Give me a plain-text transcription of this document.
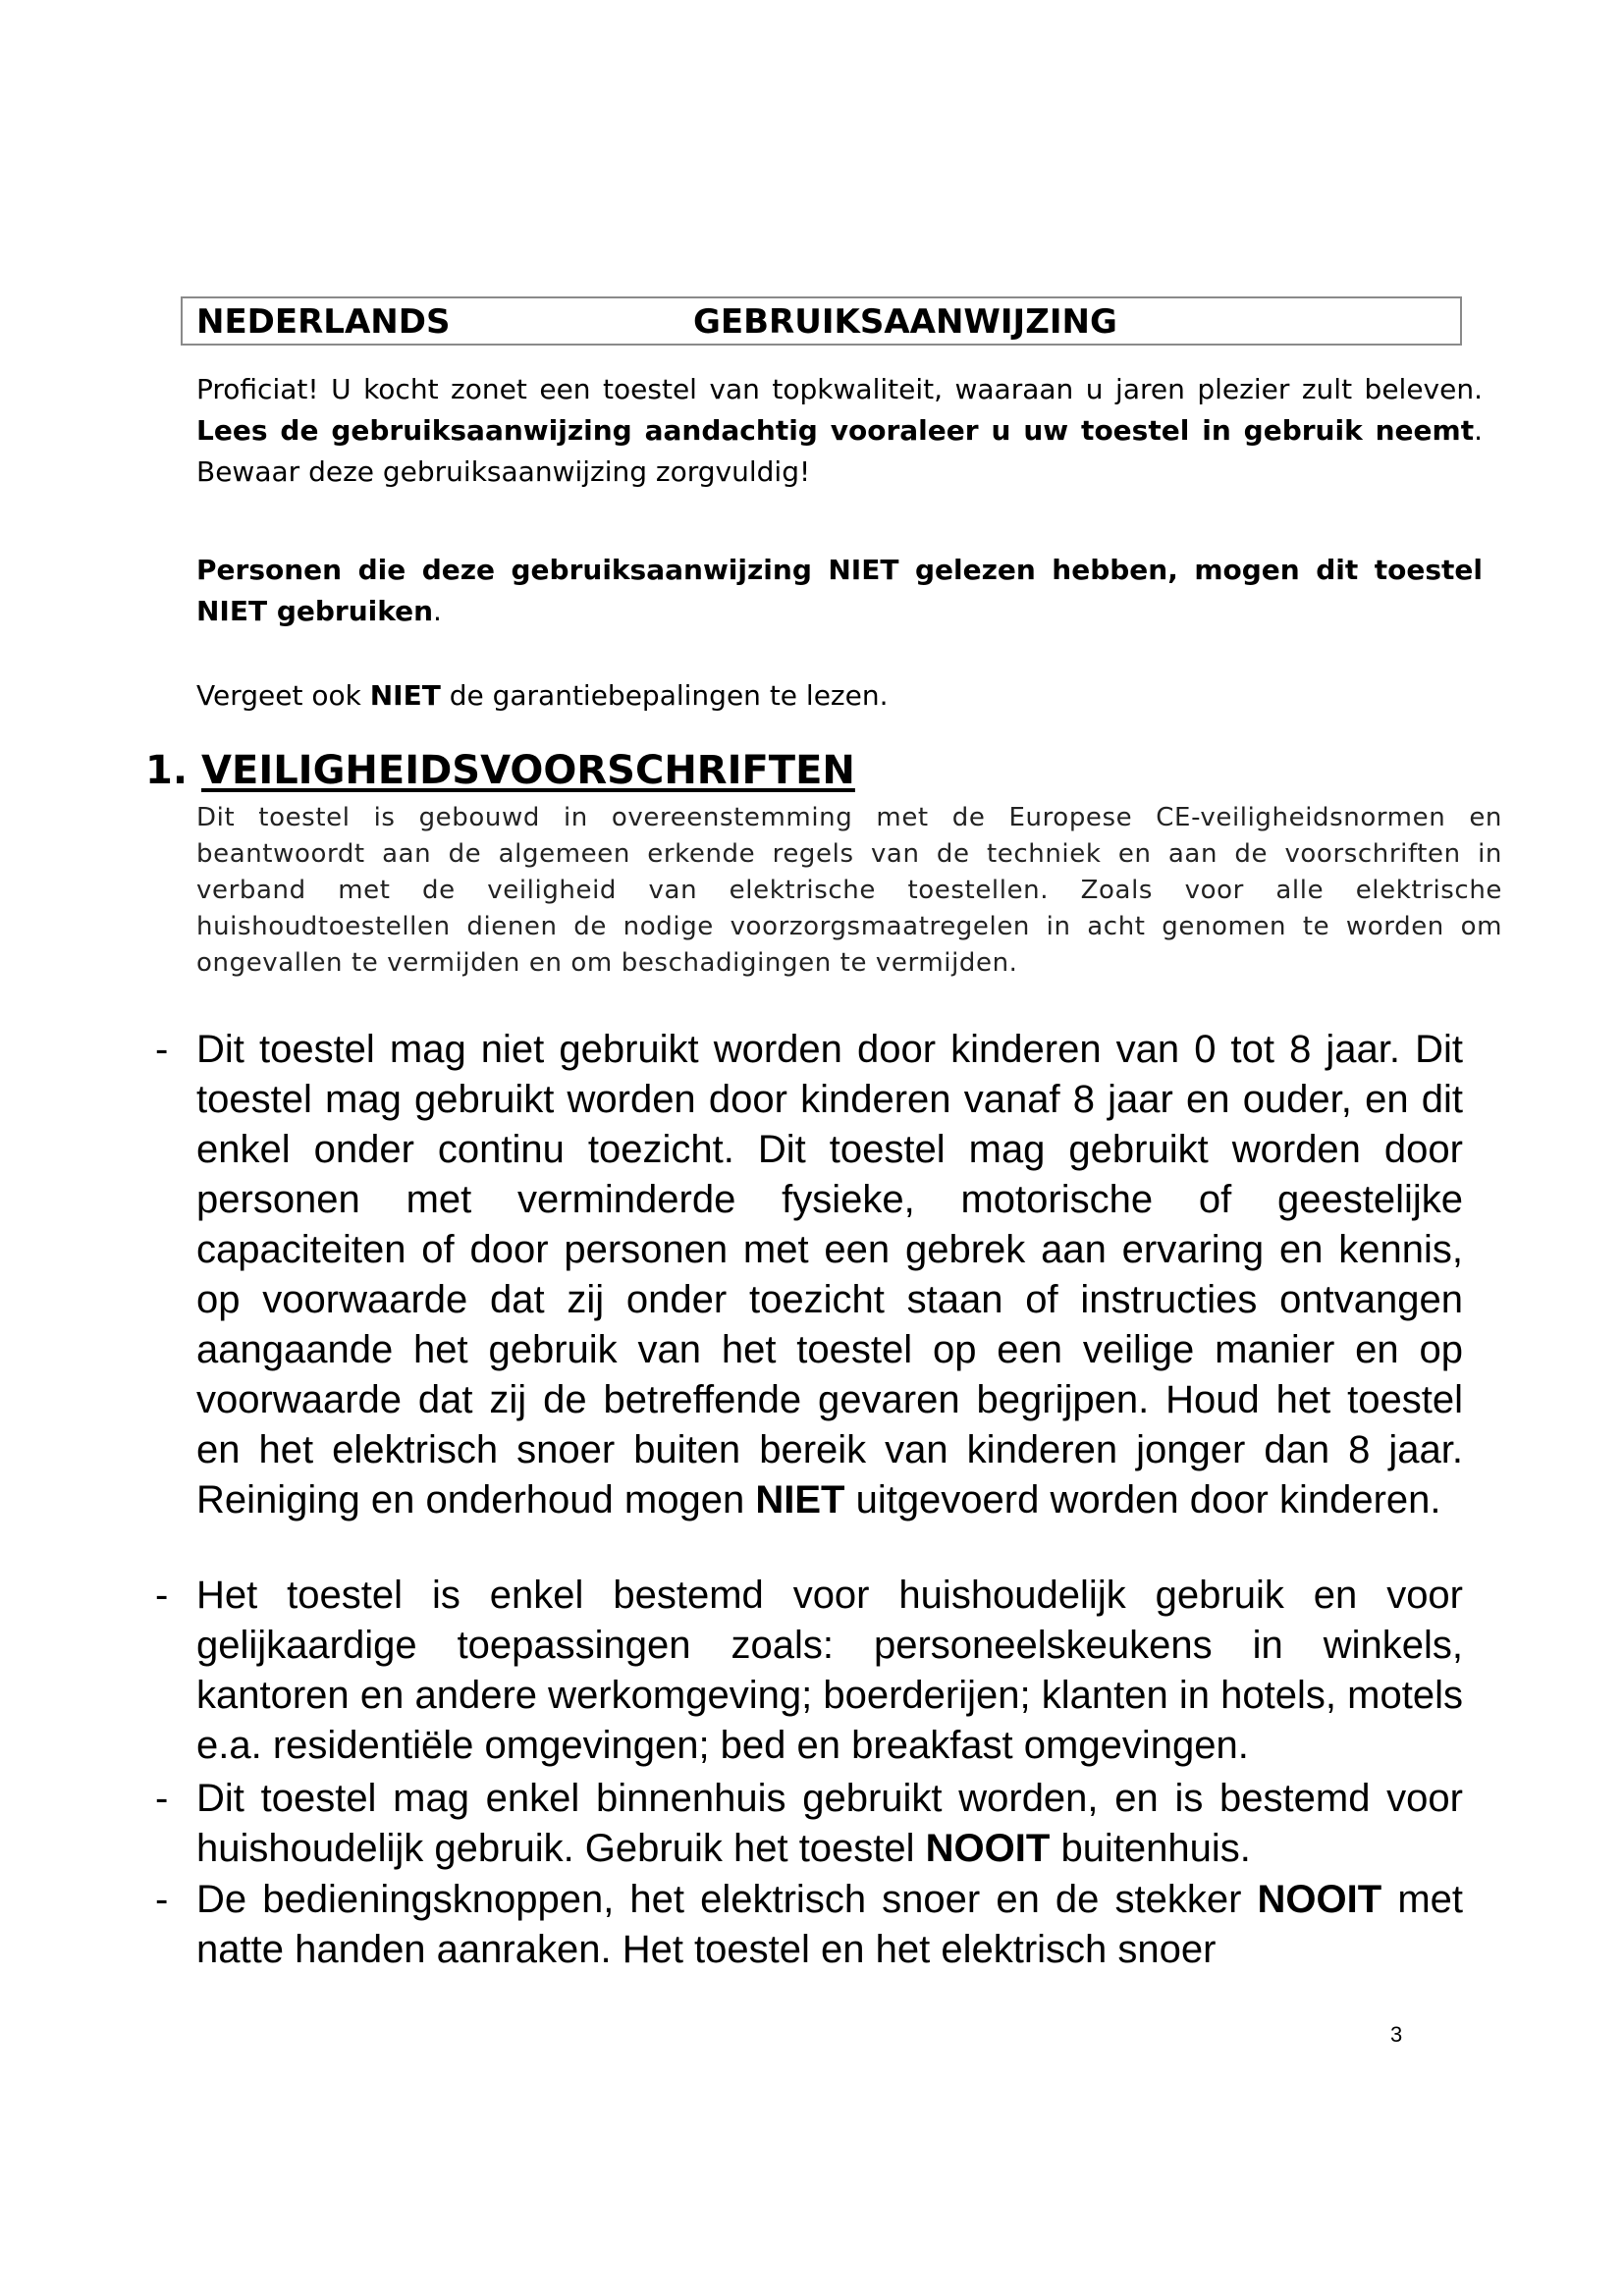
NEDERLANDS	GEBRUIKSAANWIJZING

Proficiat! U kocht zonet een toestel van topkwaliteit, waaraan u jaren plezier zult beleven. Lees de gebruiksaanwijzing aandachtig vooraleer u uw toestel in gebruik neemt. Bewaar deze gebruiksaanwijzing zorgvuldig!

Personen die deze gebruiksaanwijzing NIET gelezen hebben, mogen dit toestel NIET gebruiken.

Vergeet ook NIET de garantiebepalingen te lezen.

1. VEILIGHEIDSVOORSCHRIFTEN

Dit toestel is gebouwd in overeenstemming met de Europese CE-veiligheidsnormen en beantwoordt aan de algemeen erkende regels van de techniek en aan de voorschriften in verband met de veiligheid van elektrische toestellen. Zoals voor alle elektrische huishoudtoestellen dienen de nodige voorzorgsmaatregelen in acht genomen te worden om ongevallen te vermijden en om beschadigingen te vermijden.

- Dit toestel mag niet gebruikt worden door kinderen van 0 tot 8 jaar. Dit toestel mag gebruikt worden door kinderen vanaf 8 jaar en ouder, en dit enkel onder continu toezicht. Dit toestel mag gebruikt worden door personen met verminderde fysieke, motorische of geestelijke capaciteiten of door personen met een gebrek aan ervaring en kennis, op voorwaarde dat zij onder toezicht staan of instructies ontvangen aangaande het gebruik van het toestel op een veilige manier en op voorwaarde dat zij de betreffende gevaren begrijpen. Houd het toestel en het elektrisch snoer buiten bereik van kinderen jonger dan 8 jaar. Reiniging en onderhoud mogen NIET uitgevoerd worden door kinderen.
- Het toestel is enkel bestemd voor huishoudelijk gebruik en voor gelijkaardige toepassingen zoals: personeelskeukens in winkels, kantoren en andere werkomgeving; boerderijen; klanten in hotels, motels e.a. residentiële omgevingen; bed en breakfast omgevingen.
- Dit toestel mag enkel binnenhuis gebruikt worden, en is bestemd voor huishoudelijk gebruik. Gebruik het toestel NOOIT buitenhuis.
- De bedieningsknoppen, het elektrisch snoer en de stekker NOOIT met natte handen aanraken. Het toestel en het elektrisch snoer
3
